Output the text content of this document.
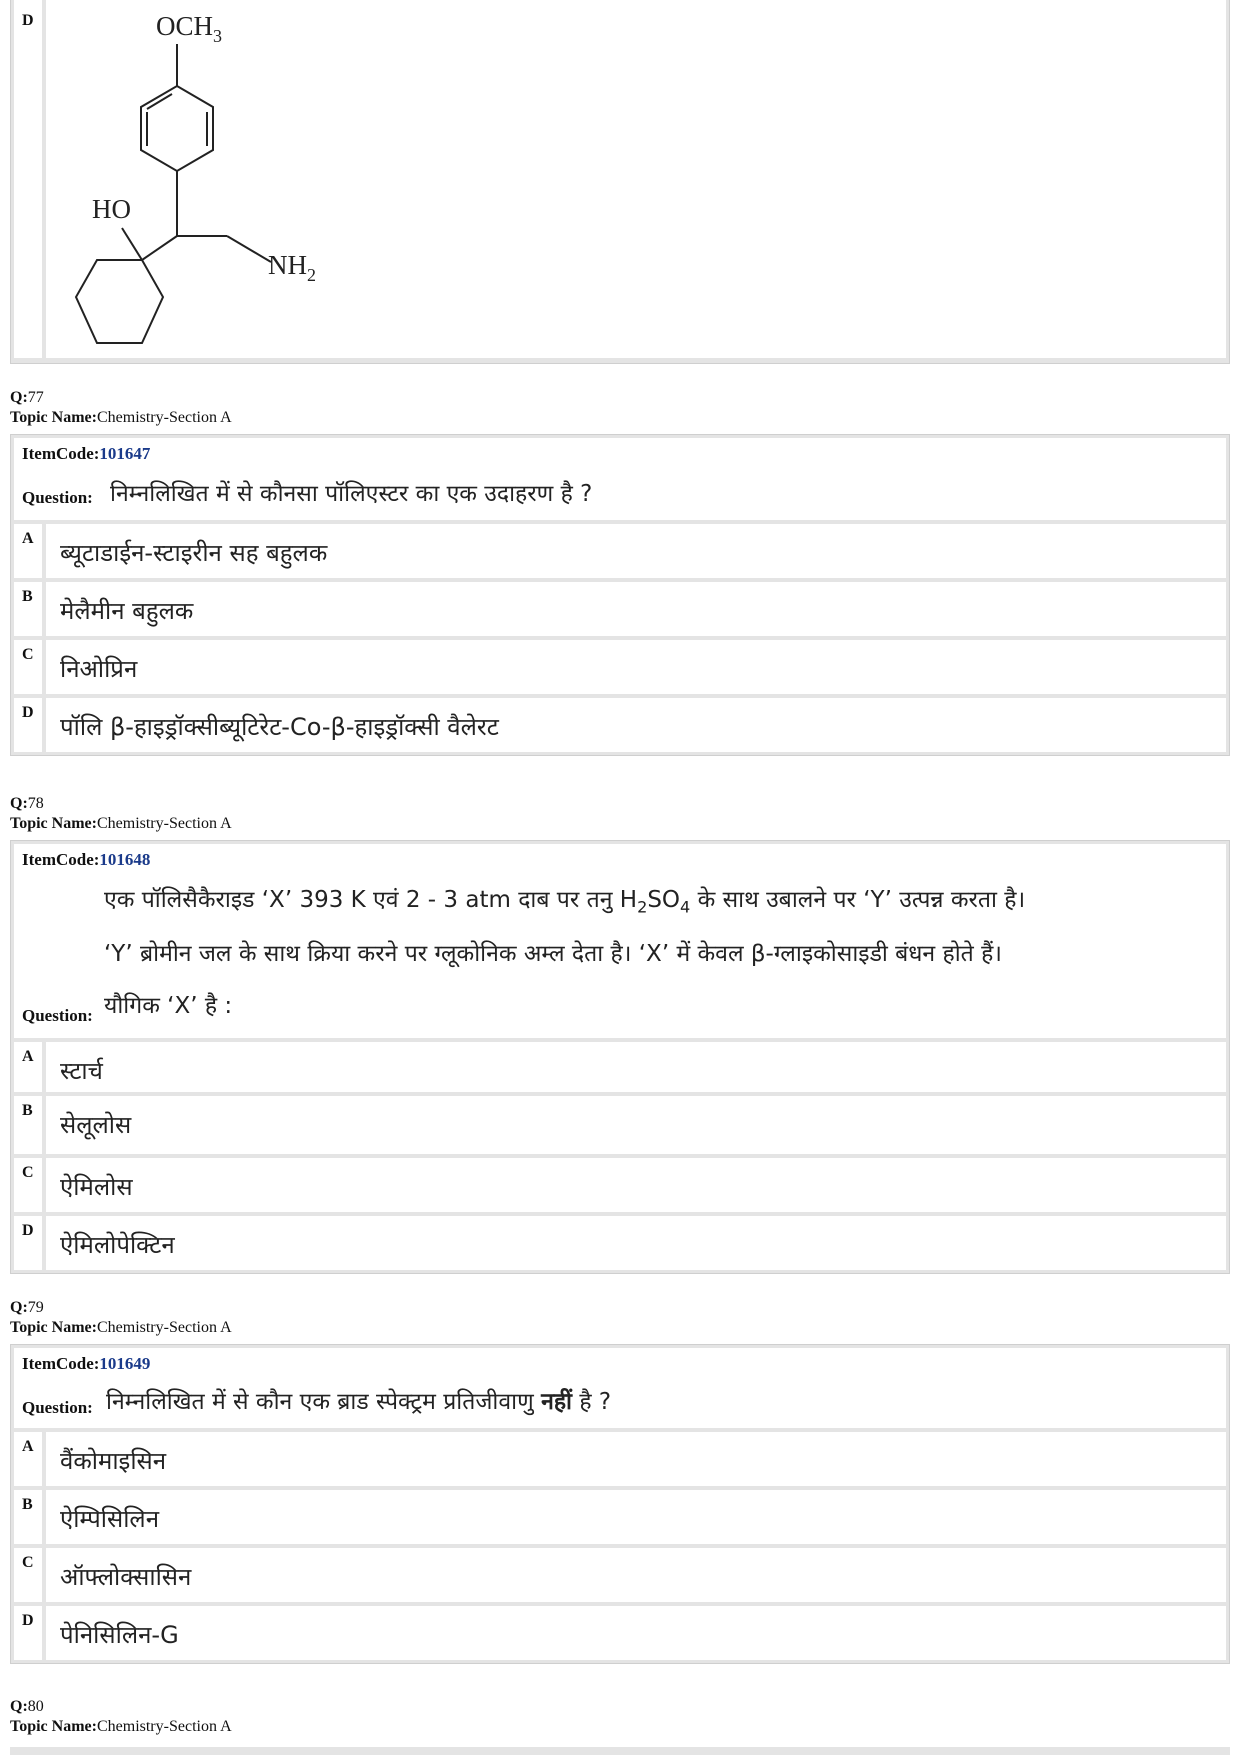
D	$OCH_3$
HO
$NH_2$
Q:77
Topic Name:Chemistry-Section A
ItemCode:101647
Question: निम्नलिखित में से कौनसा पॉलिएस्टर का एक उदाहरण है ?
A
ब्यूटाडाईन-स्टाइरीन सह बहुलक
B
मेलैमीन बहुलक
C
निओप्रिन
D
पॉलि β-हाइड्रॉक्सीब्यूटिरेट-Co-β-हाइड्रॉक्सी वैलेरट
Q:78
Topic Name:Chemistry-Section A
ItemCode:101648
एक पॉलिसैकैराइड ‘X’ 393 K एवं 2 - 3 atm दाब पर तनु $H_2SO_4$ के साथ उबालने पर ‘Y’ उत्पन्न करता है।
‘Y’ ब्रोमीन जल के साथ क्रिया करने पर ग्लूकोनिक अम्ल देता है। ‘X’ में केवल β-ग्लाइकोसाइडी बंधन होते हैं।
Question: यौगिक ‘X’ है :
A
स्टार्च
B
सेलूलोस
C
ऐमिलोस
D
ऐमिलोपेक्टिन
Q:79
Topic Name:Chemistry-Section A
ItemCode:101649
Question: निम्नलिखित में से कौन एक ब्राड स्पेक्ट्रम प्रतिजीवाणु नहीं है ?
A
वैंकोमाइसिन
B
ऐम्पिसिलिन
C
ऑफ्लोक्सासिन
D
पेनिसिलिन-G
Q:80
Topic Name:Chemistry-Section A
